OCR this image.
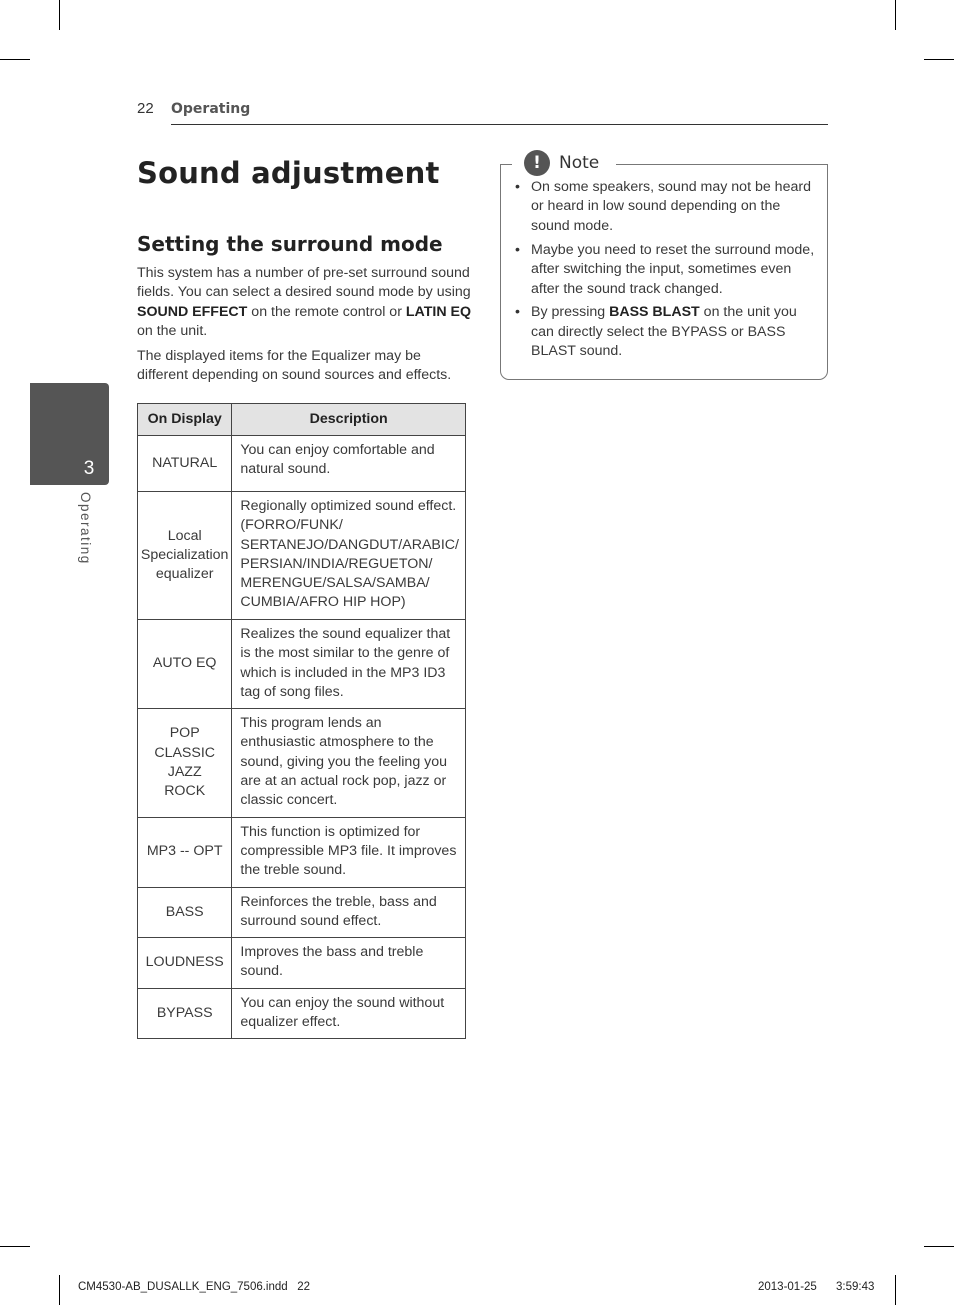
22 Operating
3
Operating
Sound adjustment
Setting the surround mode
This system has a number of pre-set surround sound fields. You can select a desired sound mode by using SOUND EFFECT on the remote control or LATIN EQ on the unit.
The displayed items for the Equalizer may be different depending on sound sources and effects.
On Display	Description
NATURAL	You can enjoy comfortable and natural sound.
Local
Specialization
equalizer	Regionally optimized sound effect. (FORRO/FUNK/
SERTANEJO/DANGDUT/ARABIC/
PERSIAN/INDIA/REGUETON/
MERENGUE/SALSA/SAMBA/
CUMBIA/AFRO HIP HOP)
AUTO EQ	Realizes the sound equalizer that is the most similar to the genre of which is included in the MP3 ID3 tag of song files.
POP
CLASSIC
JAZZ
ROCK	This program lends an enthusiastic atmosphere to the sound, giving you the feeling you are at an actual rock pop, jazz or classic concert.
MP3 -- OPT	This function is optimized for compressible MP3 file. It improves the treble sound.
BASS	Reinforces the treble, bass and surround sound effect.
LOUDNESS	Improves the bass and treble sound.
BYPASS	You can enjoy the sound without equalizer effect.
!	Note
• On some speakers, sound may not be heard or heard in low sound depending on the sound mode.
• Maybe you need to reset the surround mode, after switching the input, sometimes even after the sound track changed.
• By pressing BASS BLAST on the unit you can directly select the BYPASS or BASS BLAST sound.
CM4530-AB_DUSALLK_ENG_7506.indd   22	2013-01-25      3:59:43
